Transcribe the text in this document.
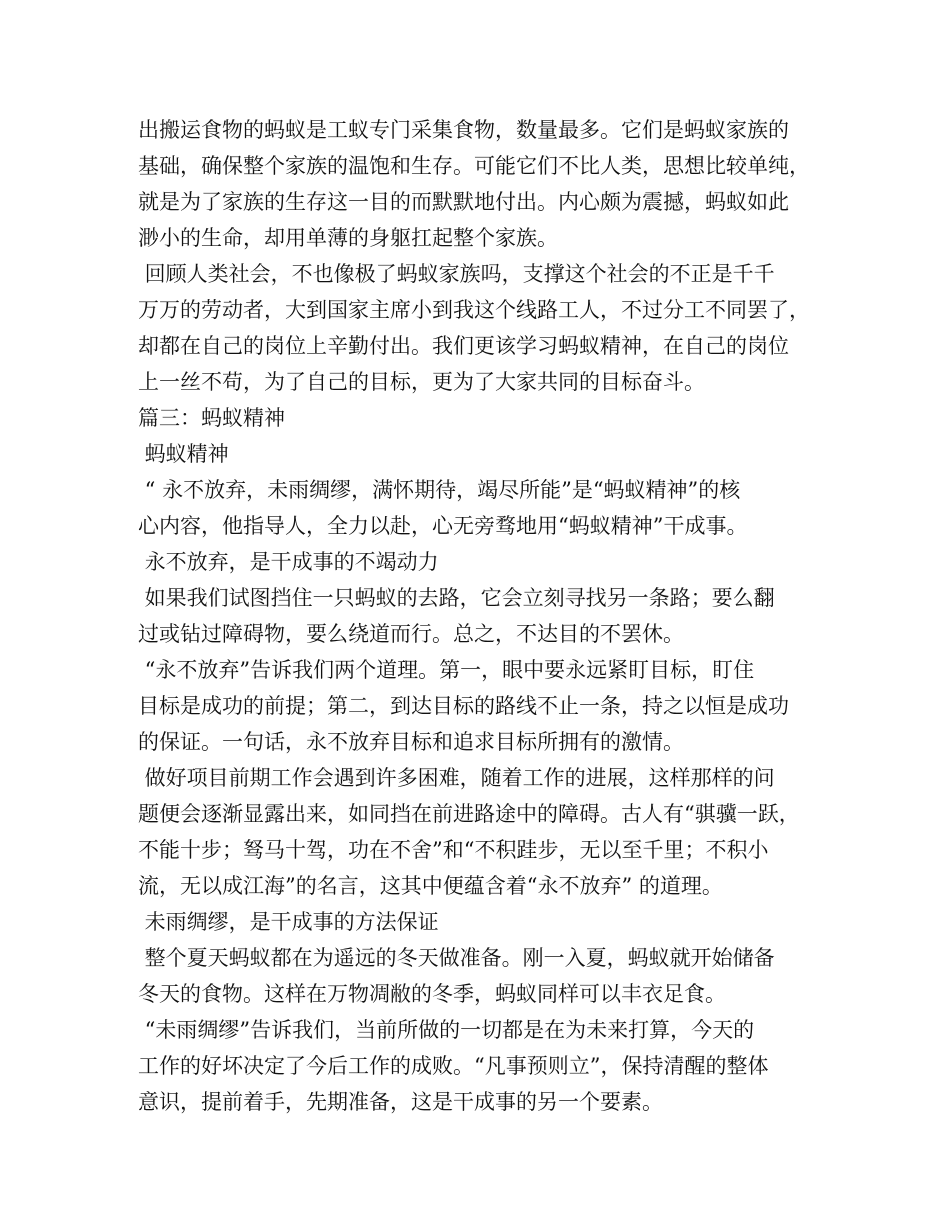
出搬运食物的蚂蚁是工蚁专门采集食物，数量最多。它们是蚂蚁家族的
基础，确保整个家族的温饱和生存。可能它们不比人类，思想比较单纯，
就是为了家族的生存这一目的而默默地付出。内心颇为震撼，蚂蚁如此
渺小的生命，却用单薄的身躯扛起整个家族。
回顾人类社会，不也像极了蚂蚁家族吗，支撑这个社会的不正是千千
万万的劳动者，大到国家主席小到我这个线路工人，不过分工不同罢了，
却都在自己的岗位上辛勤付出。我们更该学习蚂蚁精神，在自己的岗位
上一丝不苟，为了自己的目标，更为了大家共同的目标奋斗。
篇三：蚂蚁精神
蚂蚁精神
“ 永不放弃，未雨绸缪，满怀期待，竭尽所能”是“蚂蚁精神”的核
心内容，他指导人，全力以赴，心无旁骛地用“蚂蚁精神”干成事。
永不放弃，是干成事的不竭动力
如果我们试图挡住一只蚂蚁的去路，它会立刻寻找另一条路；要么翻
过或钻过障碍物，要么绕道而行。总之，不达目的不罢休。
“永不放弃”告诉我们两个道理。第一，眼中要永远紧盯目标，盯住
目标是成功的前提；第二，到达目标的路线不止一条，持之以恒是成功
的保证。一句话，永不放弃目标和追求目标所拥有的激情。
做好项目前期工作会遇到许多困难，随着工作的进展，这样那样的问
题便会逐渐显露出来，如同挡在前进路途中的障碍。古人有“骐骥一跃，
不能十步；驽马十驾，功在不舍”和“不积跬步，无以至千里；不积小
流，无以成江海”的名言，这其中便蕴含着“永不放弃” 的道理。
未雨绸缪，是干成事的方法保证
整个夏天蚂蚁都在为遥远的冬天做准备。刚一入夏，蚂蚁就开始储备
冬天的食物。这样在万物凋敝的冬季，蚂蚁同样可以丰衣足食。
“未雨绸缪”告诉我们，当前所做的一切都是在为未来打算，今天的
工作的好坏决定了今后工作的成败。“凡事预则立”，保持清醒的整体
意识，提前着手，先期准备，这是干成事的另一个要素。
